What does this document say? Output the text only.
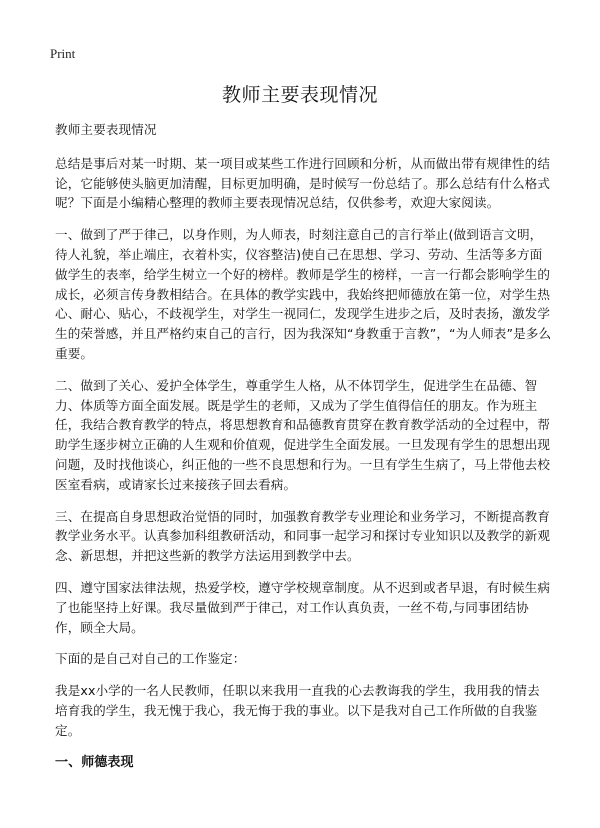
Print
教师主要表现情况

教师主要表现情况

总结是事后对某一时期、某一项目或某些工作进行回顾和分析，从而做出带有规律性的结论，它能够使头脑更加清醒，目标更加明确，是时候写一份总结了。那么总结有什么格式呢？下面是小编精心整理的教师主要表现情况总结，仅供参考，欢迎大家阅读。

一、做到了严于律己，以身作则，为人师表，时刻注意自己的言行举止(做到语言文明，待人礼貌，举止端庄，衣着朴实，仪容整洁)使自己在思想、学习、劳动、生活等多方面做学生的表率，给学生树立一个好的榜样。教师是学生的榜样，一言一行都会影响学生的成长，必须言传身教相结合。在具体的教学实践中，我始终把师德放在第一位，对学生热心、耐心、贴心，不歧视学生，对学生一视同仁，发现学生进步之后，及时表扬，激发学生的荣誉感，并且严格约束自己的言行，因为我深知“身教重于言教”，“为人师表”是多么重要。

二、做到了关心、爱护全体学生，尊重学生人格，从不体罚学生，促进学生在品德、智力、体质等方面全面发展。既是学生的老师，又成为了学生值得信任的朋友。作为班主任，我结合教育教学的特点，将思想教育和品德教育贯穿在教育教学活动的全过程中，帮助学生逐步树立正确的人生观和价值观，促进学生全面发展。一旦发现有学生的思想出现问题，及时找他谈心，纠正他的一些不良思想和行为。一旦有学生生病了，马上带他去校医室看病，或请家长过来接孩子回去看病。

三、在提高自身思想政治觉悟的同时，加强教育教学专业理论和业务学习，不断提高教育教学业务水平。认真参加科组教研活动，和同事一起学习和探讨专业知识以及教学的新观念、新思想，并把这些新的教学方法运用到教学中去。

四、遵守国家法律法规，热爱学校，遵守学校规章制度。从不迟到或者早退，有时候生病了也能坚持上好课。我尽量做到严于律己，对工作认真负责，一丝不苟,与同事团结协作，顾全大局。

下面的是自己对自己的工作鉴定：

我是xx小学的一名人民教师，任职以来我用一直我的心去教诲我的学生，我用我的情去培育我的学生，我无愧于我心，我无悔于我的事业。以下是我对自己工作所做的自我鉴定。

一、师德表现
